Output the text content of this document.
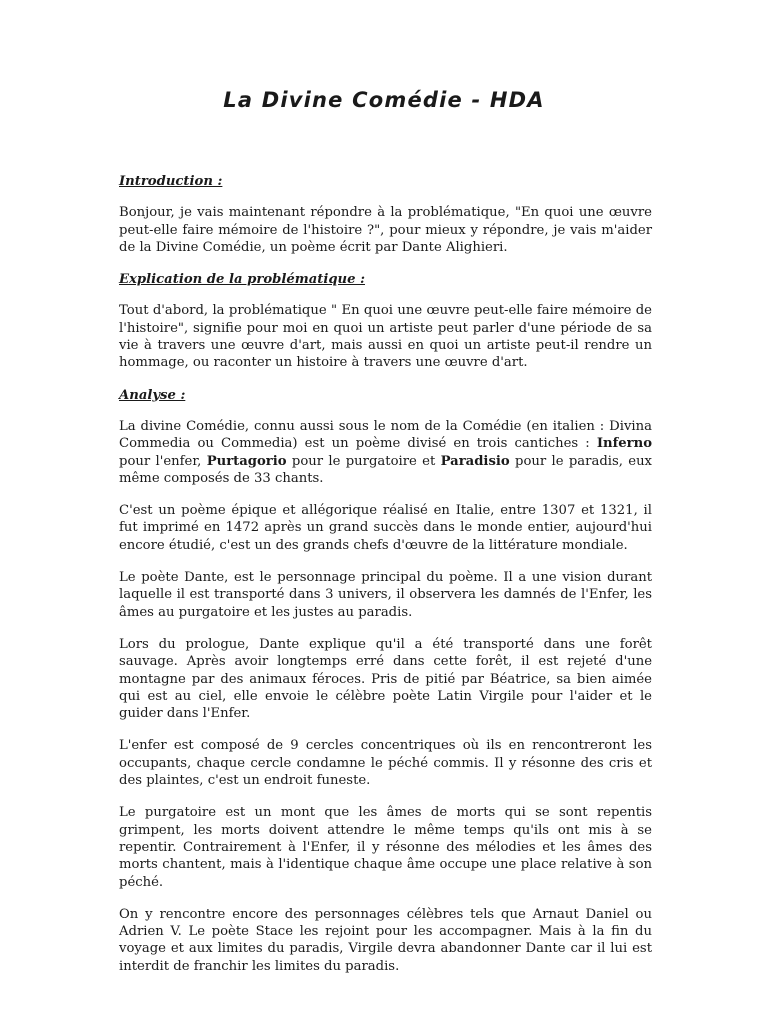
La Divine Comédie - HDA

Introduction :

Bonjour, je vais maintenant répondre à la problématique, "En quoi une œuvre peut-elle faire mémoire de l'histoire ?", pour mieux y répondre, je vais m'aider de la Divine Comédie, un poème écrit par Dante Alighieri.

Explication de la problématique :

Tout d'abord, la problématique " En quoi une œuvre peut-elle faire mémoire de l'histoire", signifie pour moi en quoi un artiste peut parler d'une période de sa vie à travers une œuvre d'art, mais aussi en quoi un artiste peut-il rendre un hommage, ou raconter un histoire à travers une œuvre d'art.

Analyse :

La divine Comédie, connu aussi sous le nom de la Comédie (en italien : Divina Commedia ou Commedia) est un poème divisé en trois cantiches : Inferno pour l'enfer, Purtagorio pour le purgatoire et Paradisio pour le paradis, eux même composés de 33 chants.

C'est un poème épique et allégorique réalisé en Italie, entre 1307 et 1321, il fut imprimé en 1472 après un grand succès dans le monde entier, aujourd'hui encore étudié, c'est un des grands chefs d'œuvre de la littérature mondiale.

Le poète Dante, est le personnage principal du poème. Il a une vision durant laquelle il est transporté dans 3 univers, il observera les damnés de l'Enfer, les âmes au purgatoire et les justes au paradis.

Lors du prologue, Dante explique qu'il a été transporté dans une forêt sauvage. Après avoir longtemps erré dans cette forêt, il est rejeté d'une montagne par des animaux féroces. Pris de pitié par Béatrice, sa bien aimée qui est au ciel, elle envoie le célèbre poète Latin Virgile pour l'aider et le guider dans l'Enfer.

L'enfer est composé de 9 cercles concentriques où ils en rencontreront les occupants, chaque cercle condamne le péché commis. Il y résonne des cris et des plaintes, c'est un endroit funeste.

Le purgatoire est un mont que les âmes de morts qui se sont repentis grimpent, les morts doivent attendre le même temps qu'ils ont mis à se repentir. Contrairement à l'Enfer, il y résonne des mélodies et les âmes des morts chantent, mais à l'identique chaque âme occupe une place relative à son péché.

On y rencontre encore des personnages célèbres tels que Arnaut Daniel ou Adrien V. Le poète Stace les rejoint pour les accompagner. Mais à la fin du voyage et aux limites du paradis, Virgile devra abandonner Dante car il lui est interdit de franchir les limites du paradis.
